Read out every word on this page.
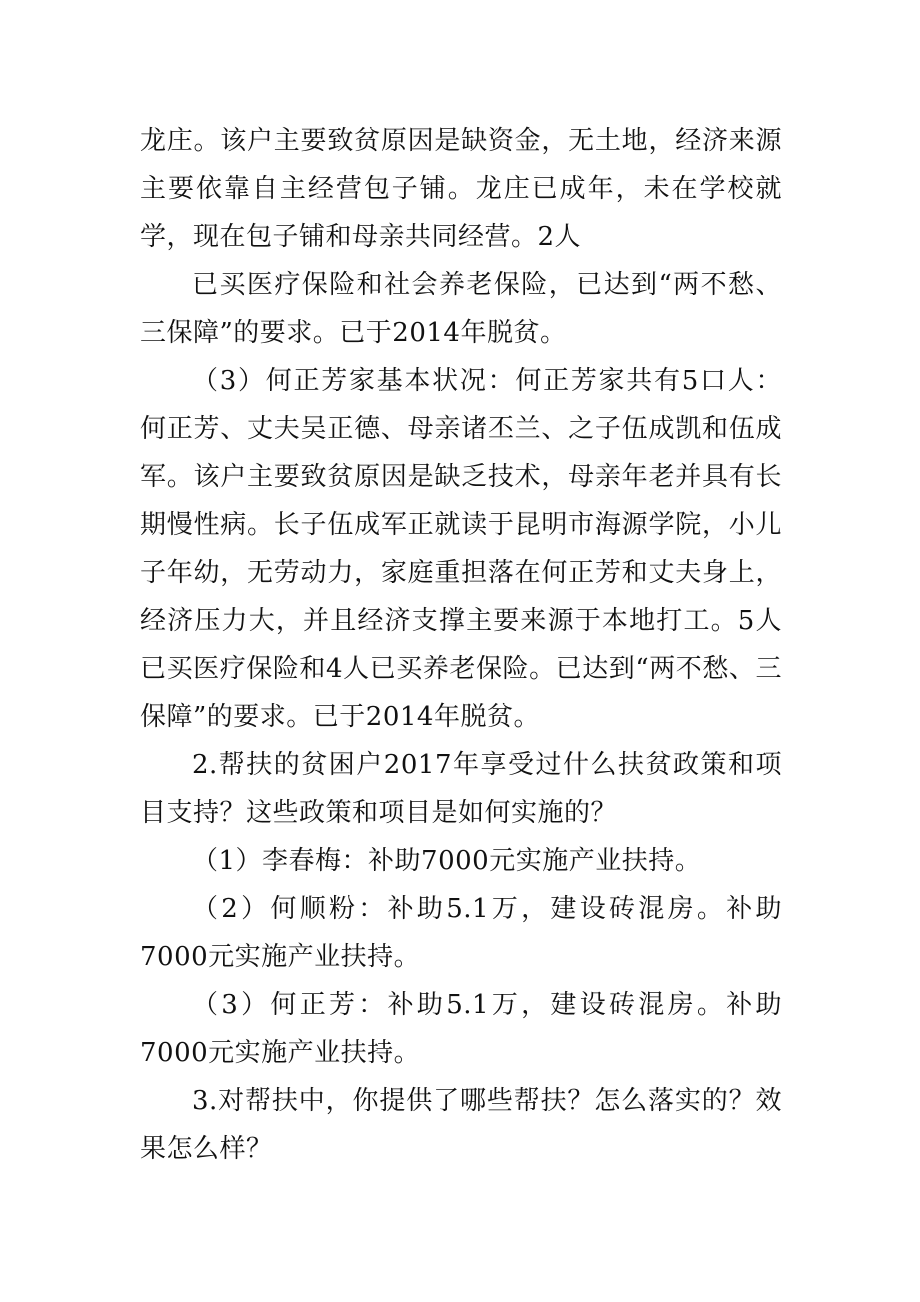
龙庄。该户主要致贫原因是缺资金，无土地，经济来源主要依靠自主经营包子铺。龙庄已成年，未在学校就学，现在包子铺和母亲共同经营。2人

已买医疗保险和社会养老保险，已达到“两不愁、三保障”的要求。已于2014年脱贫。

（3）何正芳家基本状况：何正芳家共有5口人：何正芳、丈夫吴正德、母亲诸丕兰、之子伍成凯和伍成军。该户主要致贫原因是缺乏技术，母亲年老并具有长期慢性病。长子伍成军正就读于昆明市海源学院，小儿子年幼，无劳动力，家庭重担落在何正芳和丈夫身上，经济压力大，并且经济支撑主要来源于本地打工。5人已买医疗保险和4人已买养老保险。已达到“两不愁、三保障”的要求。已于2014年脱贫。

2.帮扶的贫困户2017年享受过什么扶贫政策和项目支持？这些政策和项目是如何实施的？

（1）李春梅：补助7000元实施产业扶持。

（2）何顺粉：补助5.1万，建设砖混房。补助7000元实施产业扶持。

（3）何正芳：补助5.1万，建设砖混房。补助7000元实施产业扶持。

3.对帮扶中，你提供了哪些帮扶？怎么落实的？效果怎么样？
